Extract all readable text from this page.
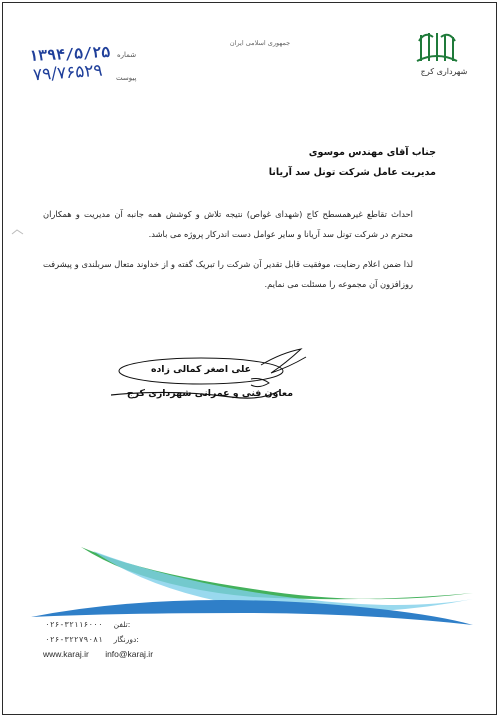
شهرداری کرج
جمهوری اسلامی ایران
شماره
پیوست
۱۳۹۴/۵/۲۵
۷۹/۷۶۵۲۹
جناب آقای مهندس موسوی
مدیریت عامل شرکت تونل سد آریانا

احداث تقاطع غیرهمسطح کاج (شهدای غواص) نتیجه تلاش و کوشش همه جانبه آن مدیریت و همکاران محترم در شرکت تونل سد آریانا و سایر عوامل دست اندرکار پروژه می باشد.

لذا ضمن اعلام رضایت، موفقیت قابل تقدیر آن شرکت را تبریک گفته و از خداوند متعال سربلندی و پیشرفت روزافزون آن مجموعه را مسئلت می نمایم.

علی اصغر کمالی زاده
معاون فنی و عمرانی شهرداری کرج
۰۲۶-۳۲۱۱۶۰۰۰ تلفن:
۰۲۶-۳۲۲۷۹۰۸۱ دورنگار:
www.karaj.ir info@karaj.ir
